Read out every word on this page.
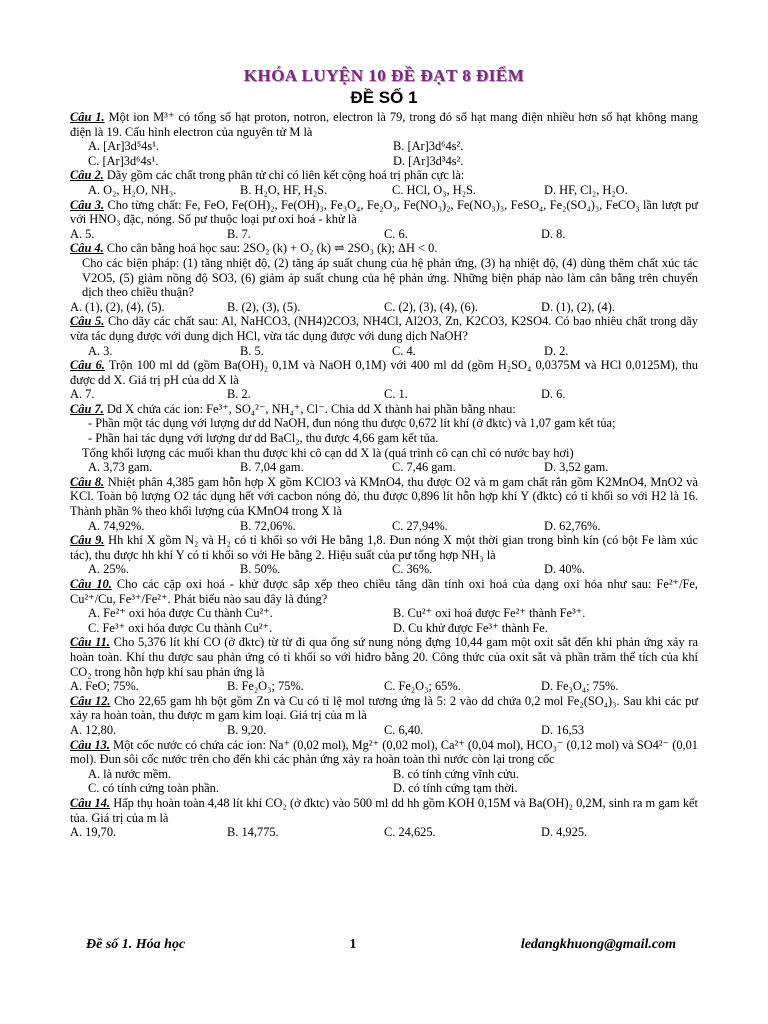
KHÓA LUYỆN 10 ĐỀ ĐẠT 8 ĐIỂM

ĐỀ SỐ 1

Câu 1. Một ion M³⁺ có tổng số hạt proton, notron, electron là 79, trong đó số hạt mang điện nhiều hơn số hạt không mang điện là 19. Cấu hình electron của nguyên tử M là

A. [Ar]3d⁵4s¹.	B. [Ar]3d⁶4s².
C. [Ar]3d⁶4s¹.	D. [Ar]3d³4s².

Câu 2. Dãy gồm các chất trong phân tử chỉ có liên kết cộng hoá trị phân cực là:

A. O₂, H₂O, NH₃.	B. H₂O, HF, H₂S.	C. HCl, O₃, H₂S.	D. HF, Cl₂, H₂O.

Câu 3. Cho từng chất: Fe, FeO, Fe(OH)₂, Fe(OH)₃, Fe₃O₄, Fe₂O₃, Fe(NO₃)₂, Fe(NO₃)₃, FeSO₄, Fe₂(SO₄)₃, FeCO₃ lần lượt pư với HNO₃ đặc, nóng. Số pư thuộc loại pư oxi hoá - khử là

A. 5.	B. 7.	C. 6.	D. 8.

Câu 4. Cho cân bằng hoá học sau: 2SO₂ (k) + O₂ (k) ⇌ 2SO₃ (k); ΔH < 0.

Cho các biện pháp: (1) tăng nhiệt độ, (2) tăng áp suất chung của hệ phản ứng, (3) hạ nhiệt độ, (4) dùng thêm chất xúc tác V2O5, (5) giảm nồng độ SO3, (6) giảm áp suất chung của hệ phản ứng. Những biện pháp nào làm cân bằng trên chuyển dịch theo chiều thuận?

A. (1), (2), (4), (5).	B. (2), (3), (5).	C. (2), (3), (4), (6).	D. (1), (2), (4).

Câu 5. Cho dãy các chất sau: Al, NaHCO3, (NH4)2CO3, NH4Cl, Al2O3, Zn, K2CO3, K2SO4. Có bao nhiêu chất trong dãy vừa tác dụng được với dung dịch HCl, vừa tác dụng được với dung dịch NaOH?

A. 3.	B. 5.	C. 4.	D. 2.

Câu 6. Trộn 100 ml dd (gồm Ba(OH)₂ 0,1M và NaOH 0,1M) với 400 ml dd (gồm H₂SO₄ 0,0375M và HCl 0,0125M), thu được dd X. Giá trị pH của dd X là

A. 7.	B. 2.	C. 1.	D. 6.

Câu 7. Dd X chứa các ion: Fe³⁺, SO₄²⁻, NH₄⁺, Cl⁻. Chia dd X thành hai phần bằng nhau:

- Phần một tác dụng với lượng dư dd NaOH, đun nóng thu được 0,672 lít khí (ở đktc) và 1,07 gam kết tủa;

- Phần hai tác dụng với lượng dư dd BaCl₂, thu được 4,66 gam kết tủa.

Tổng khối lượng các muối khan thu được khi cô cạn dd X là (quá trình cô cạn chỉ có nước bay hơi)

A. 3,73 gam.	B. 7,04 gam.	C. 7,46 gam.	D. 3,52 gam.

Câu 8. Nhiệt phân 4,385 gam hỗn hợp X gồm KClO3 và KMnO4, thu được O2 và m gam chất rắn gồm K2MnO4, MnO2 và KCl. Toàn bộ lượng O2 tác dụng hết với cacbon nóng đỏ, thu được 0,896 lít hỗn hợp khí Y (đktc) có tỉ khối so với H2 là 16. Thành phần % theo khối lượng của KMnO4 trong X là

A. 74,92%.	B. 72,06%.	C. 27,94%.	D. 62,76%.

Câu 9. Hh khí X gồm N₂ và H₂ có tỉ khối so với He bằng 1,8. Đun nóng X một thời gian trong bình kín (có bột Fe làm xúc tác), thu được hh khí Y có tỉ khối so với He bằng 2. Hiệu suất của pư tổng hợp NH₃ là

A. 25%.	B. 50%.	C. 36%.	D. 40%.

Câu 10. Cho các cặp oxi hoá - khử được sắp xếp theo chiều tăng dần tính oxi hoá của dạng oxi hóa như sau: Fe²⁺/Fe, Cu²⁺/Cu, Fe³⁺/Fe²⁺. Phát biểu nào sau đây là đúng?

A. Fe²⁺ oxi hóa được Cu thành Cu²⁺.	B. Cu²⁺ oxi hoá được Fe²⁺ thành Fe³⁺.
C. Fe³⁺ oxi hóa được Cu thành Cu²⁺.	D. Cu khử được Fe³⁺ thành Fe.

Câu 11. Cho 5,376 lít khí CO (ở đktc) từ từ đi qua ống sứ nung nóng đựng 10,44 gam một oxit sắt đến khi phản ứng xảy ra hoàn toàn. Khí thu được sau phản ứng có tỉ khối so với hiđro bằng 20. Công thức của oxit sắt và phần trăm thể tích của khí CO₂ trong hỗn hợp khí sau phản ứng là

A. FeO; 75%.	B. Fe₂O₃; 75%.	C. Fe₂O₃; 65%.	D. Fe₃O₄; 75%.

Câu 12. Cho 22,65 gam hh bột gồm Zn và Cu có tỉ lệ mol tương ứng là 5: 2 vào dd chứa 0,2 mol Fe₂(SO₄)₃. Sau khi các pư xảy ra hoàn toàn, thu được m gam kim loại. Giá trị của m là

A. 12,80.	B. 9,20.	C. 6,40.	D. 16,53

Câu 13. Một cốc nước có chứa các ion: Na⁺ (0,02 mol), Mg²⁺ (0,02 mol), Ca²⁺ (0,04 mol), HCO₃⁻ (0,12 mol) và SO4²⁻ (0,01 mol). Đun sôi cốc nước trên cho đến khi các phản ứng xảy ra hoàn toàn thì nước còn lại trong cốc

A. là nước mềm.	B. có tính cứng vĩnh cửu.
C. có tính cứng toàn phần.	D. có tính cứng tạm thời.

Câu 14. Hấp thụ hoàn toàn 4,48 lít khí CO₂ (ở đktc) vào 500 ml dd hh gồm KOH 0,15M và Ba(OH)₂ 0,2M, sinh ra m gam kết tủa. Giá trị của m là

A. 19,70.	B. 14,775.	C. 24,625.	D. 4,925.
Đề số 1. Hóa học	1	ledangkhuong@gmail.com
